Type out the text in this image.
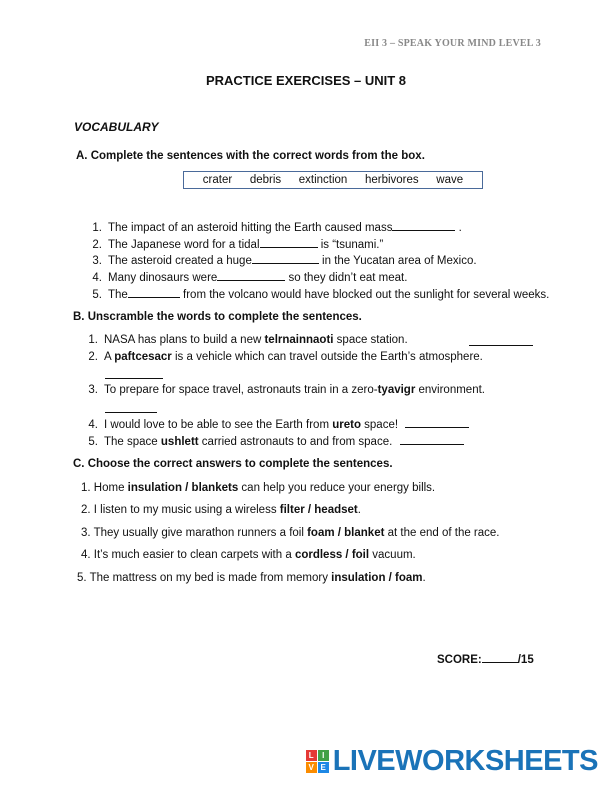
EII 3 – SPEAK YOUR MIND LEVEL 3
PRACTICE EXERCISES – UNIT 8
VOCABULARY
A. Complete the sentences with the correct words from the box.
crater debris extinction herbivores wave
1. The impact of an asteroid hitting the Earth caused mass	.
2. The Japanese word for a tidal	is “tsunami.”
3. The asteroid created a huge	in the Yucatan area of Mexico.
4. Many dinosaurs were	so they didn’t eat meat.
5. The	from the volcano would have blocked out the sunlight for several weeks.
B. Unscramble the words to complete the sentences.
1. NASA has plans to build a new telrnainnaoti space station.
2. A paftcesacr is a vehicle which can travel outside the Earth’s atmosphere.
3. To prepare for space travel, astronauts train in a zero-tyavigr environment.
4. I would love to be able to see the Earth from ureto space!
5. The space ushlett carried astronauts to and from space.
C. Choose the correct answers to complete the sentences.
1. Home insulation / blankets can help you reduce your energy bills.
2. I listen to my music using a wireless filter / headset.
3. They usually give marathon runners a foil foam / blanket at the end of the race.
4. It’s much easier to clean carpets with a cordless / foil vacuum.
5. The mattress on my bed is made from memory insulation / foam.
SCORE:	/15
L	I
V E LIVEWORKSHEETS
